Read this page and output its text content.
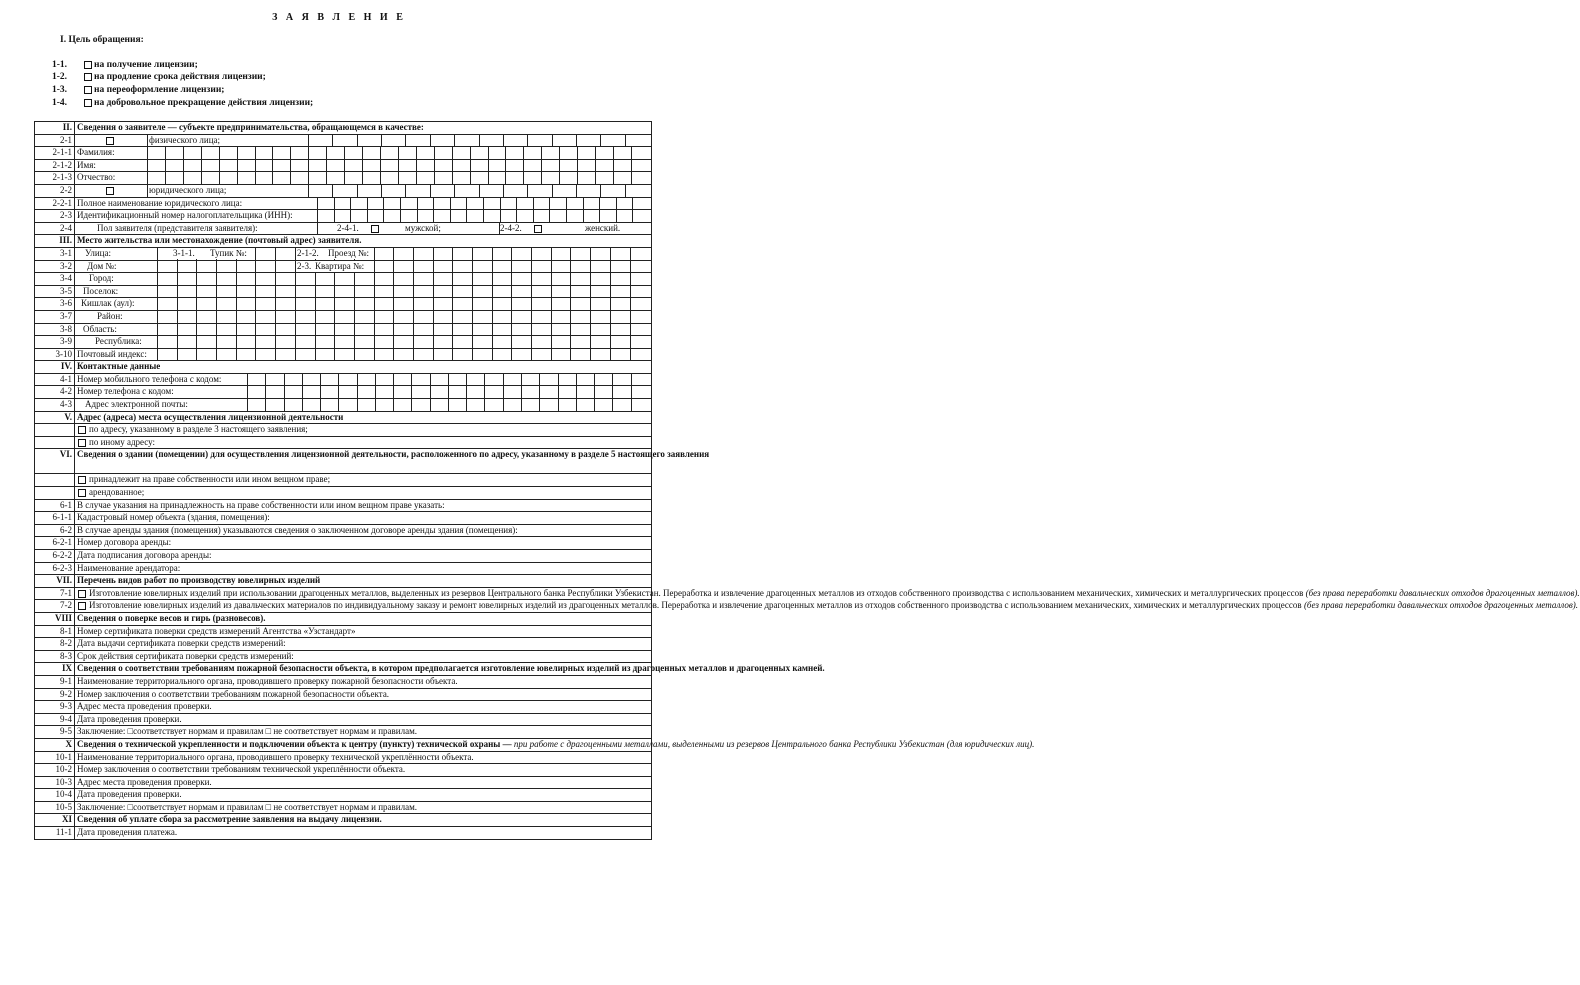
З А Я В Л Е Н И Е
I. Цель обращения:
1-1.	на получение лицензии;
1-2.	на продление срока действия лицензии;
1-3.	на переоформление лицензии;
1-4.	на добровольное прекращение действия лицензии;
II.	Сведения о заявителе — субъекте предпринимательства, обращающемся в качестве:
2-1	физического лица;

2-1-1	Фамилия:

2-1-2	Имя:

2-1-3	Отчество:

2-2	юридического лица;

2-2-1	Полное наименование юридического лица:

2-3	Идентификационный номер налогоплательщика (ИНН):

2-4	Пол заявителя (представителя заявителя): 2-4-1. мужской; 2-4-2. женский.

III.	Место жительства или местонахождение (почтовый адрес) заявителя.
3-1	Улица: 3-1-1. Тупик №: 2-1-2. Проезд №:

3-2	Дом №: 2-3. Квартира №:

3-4	Город:

3-5	Поселок:

3-6	Кишлак (аул):

3-7	Район:

3-8	Область:

3-9	Республика:

3-10	Почтовый индекс:

IV.	Контактные данные
4-1	Номер мобильного телефона с кодом:

4-2	Номер телефона с кодом:

4-3	Адрес электронной почты:

V.	Адрес (адреса) места осуществления лицензионной деятельности
	по адресу, указанному в разделе 3 настоящего заявления;
	по иному адресу:
VI.	Сведения о здании (помещении) для осуществления лицензионной деятельности, расположенного по адресу, указанному в разделе 5 настоящего заявления
	принадлежит на праве собственности или ином вещном праве;
	арендованное;
6-1	В случае указания на принадлежность на праве собственности или ином вещном праве указать:
6-1-1	Кадастровый номер объекта (здания, помещения):
6-2	В случае аренды здания (помещения) указываются сведения о заключенном договоре аренды здания (помещения):
6-2-1	Номер договора аренды:
6-2-2	Дата подписания договора аренды:
6-2-3	Наименование арендатора:
VII.	Перечень видов работ по производству ювелирных изделий
7-1	Изготовление ювелирных изделий при использовании драгоценных металлов, выделенных из резервов Центрального банка Республики Узбекистан. Переработка и извлечение драгоценных металлов из отходов собственного производства с использованием механических, химических и металлургических процессов (без права переработки давальческих отходов драгоценных металлов).
7-2	Изготовление ювелирных изделий из давальческих материалов по индивидуальному заказу и ремонт ювелирных изделий из драгоценных металлов. Переработка и извлечение драгоценных металлов из отходов собственного производства с использованием механических, химических и металлургических процессов (без права переработки давальческих отходов драгоценных металлов).
VIII	Сведения о поверке весов и гирь (разновесов).
8-1	Номер сертификата поверки средств измерений Агентства «Узстандарт»
8-2	Дата выдачи сертификата поверки средств измерений:
8-3	Срок действия сертификата поверки средств измерений:
IX	Сведения о соответствии требованиям пожарной безопасности объекта, в котором предполагается изготовление ювелирных изделий из драгоценных металлов и драгоценных камней.
9-1	Наименование территориального органа, проводившего проверку пожарной безопасности объекта.
9-2	Номер заключения о соответствии требованиям пожарной безопасности объекта.
9-3	Адрес места проведения проверки.
9-4	Дата проведения проверки.
9-5	Заключение: □соответствует нормам и правилам □ не соответствует нормам и правилам.
X	Сведения о технической укрепленности и подключении объекта к центру (пункту) технической охраны — при работе с драгоценными металлами, выделенными из резервов Центрального банка Республики Узбекистан (для юридических лиц).
10-1	Наименование территориального органа, проводившего проверку технической укреплённости объекта.
10-2	Номер заключения о соответствии требованиям технической укреплённости объекта.
10-3	Адрес места проведения проверки.
10-4	Дата проведения проверки.
10-5	Заключение: □соответствует нормам и правилам □ не соответствует нормам и правилам.
XI	Сведения об уплате сбора за рассмотрение заявления на выдачу лицензии.
11-1	Дата проведения платежа.
